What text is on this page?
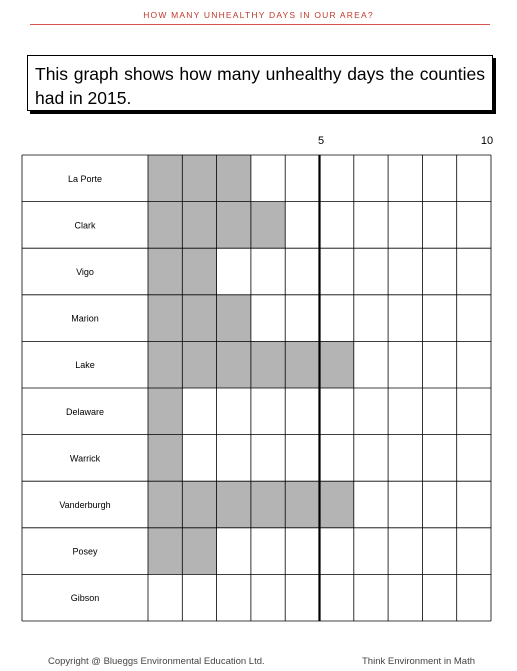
HOW MANY UNHEALTHY DAYS IN OUR AREA?
This graph shows how many unhealthy days the counties had in 2015.
5	10
La Porte
Clark
Vigo
Marion
Lake
Delaware
Warrick
Vanderburgh
Posey
Gibson
Copyright @ Blueggs Environmental Education Ltd.	Think Environment in Math
